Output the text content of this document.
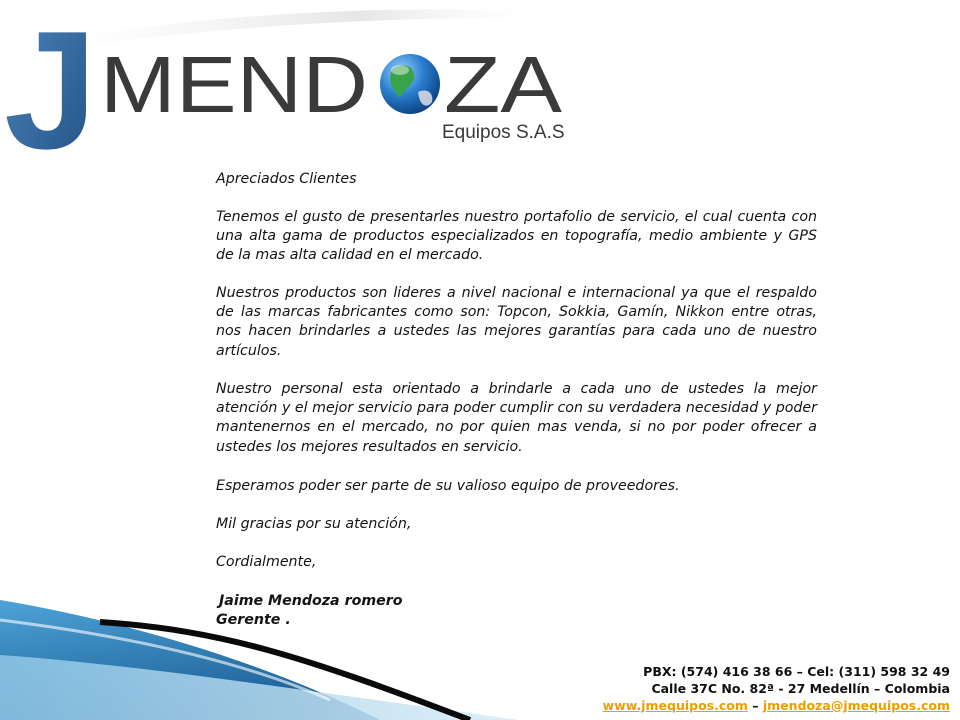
J MEND ZA
Equipos S.A.S

Apreciados Clientes

Tenemos el gusto de presentarles nuestro portafolio de servicio, el cual cuenta con una alta gama de productos especializados en topografía, medio ambiente y GPS de la mas alta calidad en el mercado.

Nuestros productos son lideres a nivel nacional e internacional ya que el respaldo de las marcas fabricantes como son: Topcon, Sokkia, Gamín, Nikkon entre otras, nos hacen brindarles a ustedes las mejores garantías para cada uno de nuestro artículos.

Nuestro personal esta orientado a brindarle a cada uno de ustedes la mejor atención y el mejor servicio para poder cumplir con su verdadera necesidad y poder mantenernos en el mercado, no por quien mas venda, si no por poder ofrecer a ustedes los mejores resultados en servicio.

Esperamos poder ser parte de su valioso equipo de proveedores.

Mil gracias por su atención,

Cordialmente,

Jaime Mendoza romero

Gerente .

PBX: (574) 416 38 66 – Cel: (311) 598 32 49
Calle 37C No. 82ª - 27 Medellín – Colombia
www.jmequipos.com – jmendoza@jmequipos.com
